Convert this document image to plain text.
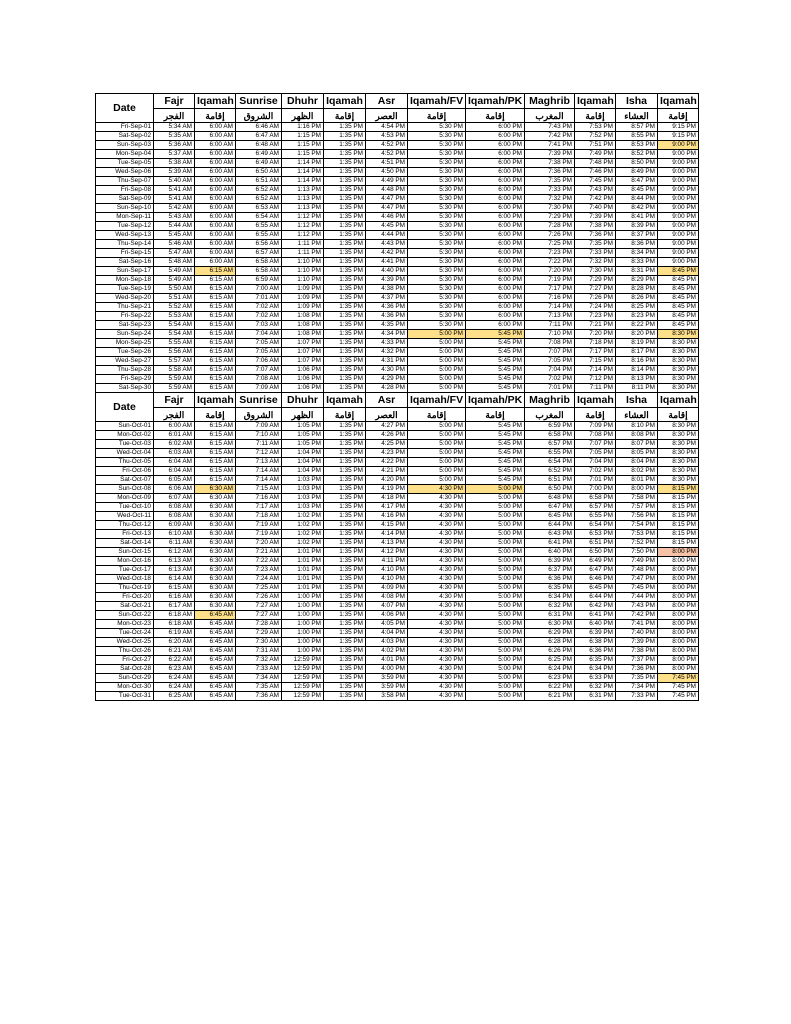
Date	Fajr	Iqamah	Sunrise	Dhuhr	Iqamah	Asr	Iqamah/FV	Iqamah/PK	Maghrib	Iqamah	Isha	Iqamah
	الفجر	إقامة	الشروق	الظهر	إقامة	العصر	إقامة	إقامة	المغرب	إقامة	العشاء	إقامة
Fri-Sep-01	5:34 AM	6:00 AM	6:46 AM	1:16 PM	1:35 PM	4:54 PM	5:30 PM	6:00 PM	7:43 PM	7:53 PM	8:57 PM	9:15 PM
Sat-Sep-02	5:35 AM	6:00 AM	6:47 AM	1:15 PM	1:35 PM	4:53 PM	5:30 PM	6:00 PM	7:42 PM	7:52 PM	8:55 PM	9:15 PM
Sun-Sep-03	5:36 AM	6:00 AM	6:48 AM	1:15 PM	1:35 PM	4:52 PM	5:30 PM	6:00 PM	7:41 PM	7:51 PM	8:53 PM	9:00 PM
Mon-Sep-04	5:37 AM	6:00 AM	6:49 AM	1:15 PM	1:35 PM	4:52 PM	5:30 PM	6:00 PM	7:39 PM	7:49 PM	8:52 PM	9:00 PM
Tue-Sep-05	5:38 AM	6:00 AM	6:49 AM	1:14 PM	1:35 PM	4:51 PM	5:30 PM	6:00 PM	7:38 PM	7:48 PM	8:50 PM	9:00 PM
Wed-Sep-06	5:39 AM	6:00 AM	6:50 AM	1:14 PM	1:35 PM	4:50 PM	5:30 PM	6:00 PM	7:36 PM	7:46 PM	8:49 PM	9:00 PM
Thu-Sep-07	5:40 AM	6:00 AM	6:51 AM	1:14 PM	1:35 PM	4:49 PM	5:30 PM	6:00 PM	7:35 PM	7:45 PM	8:47 PM	9:00 PM
Fri-Sep-08	5:41 AM	6:00 AM	6:52 AM	1:13 PM	1:35 PM	4:48 PM	5:30 PM	6:00 PM	7:33 PM	7:43 PM	8:45 PM	9:00 PM
Sat-Sep-09	5:41 AM	6:00 AM	6:52 AM	1:13 PM	1:35 PM	4:47 PM	5:30 PM	6:00 PM	7:32 PM	7:42 PM	8:44 PM	9:00 PM
Sun-Sep-10	5:42 AM	6:00 AM	6:53 AM	1:13 PM	1:35 PM	4:47 PM	5:30 PM	6:00 PM	7:30 PM	7:40 PM	8:42 PM	9:00 PM
Mon-Sep-11	5:43 AM	6:00 AM	6:54 AM	1:12 PM	1:35 PM	4:46 PM	5:30 PM	6:00 PM	7:29 PM	7:39 PM	8:41 PM	9:00 PM
Tue-Sep-12	5:44 AM	6:00 AM	6:55 AM	1:12 PM	1:35 PM	4:45 PM	5:30 PM	6:00 PM	7:28 PM	7:38 PM	8:39 PM	9:00 PM
Wed-Sep-13	5:45 AM	6:00 AM	6:55 AM	1:12 PM	1:35 PM	4:44 PM	5:30 PM	6:00 PM	7:26 PM	7:36 PM	8:37 PM	9:00 PM
Thu-Sep-14	5:46 AM	6:00 AM	6:56 AM	1:11 PM	1:35 PM	4:43 PM	5:30 PM	6:00 PM	7:25 PM	7:35 PM	8:36 PM	9:00 PM
Fri-Sep-15	5:47 AM	6:00 AM	6:57 AM	1:11 PM	1:35 PM	4:42 PM	5:30 PM	6:00 PM	7:23 PM	7:33 PM	8:34 PM	9:00 PM
Sat-Sep-16	5:48 AM	6:00 AM	6:58 AM	1:10 PM	1:35 PM	4:41 PM	5:30 PM	6:00 PM	7:22 PM	7:32 PM	8:33 PM	9:00 PM
Sun-Sep-17	5:49 AM	6:15 AM	6:58 AM	1:10 PM	1:35 PM	4:40 PM	5:30 PM	6:00 PM	7:20 PM	7:30 PM	8:31 PM	8:45 PM
Mon-Sep-18	5:49 AM	6:15 AM	6:59 AM	1:10 PM	1:35 PM	4:39 PM	5:30 PM	6:00 PM	7:19 PM	7:29 PM	8:29 PM	8:45 PM
Tue-Sep-19	5:50 AM	6:15 AM	7:00 AM	1:09 PM	1:35 PM	4:38 PM	5:30 PM	6:00 PM	7:17 PM	7:27 PM	8:28 PM	8:45 PM
Wed-Sep-20	5:51 AM	6:15 AM	7:01 AM	1:09 PM	1:35 PM	4:37 PM	5:30 PM	6:00 PM	7:16 PM	7:26 PM	8:26 PM	8:45 PM
Thu-Sep-21	5:52 AM	6:15 AM	7:02 AM	1:09 PM	1:35 PM	4:36 PM	5:30 PM	6:00 PM	7:14 PM	7:24 PM	8:25 PM	8:45 PM
Fri-Sep-22	5:53 AM	6:15 AM	7:02 AM	1:08 PM	1:35 PM	4:36 PM	5:30 PM	6:00 PM	7:13 PM	7:23 PM	8:23 PM	8:45 PM
Sat-Sep-23	5:54 AM	6:15 AM	7:03 AM	1:08 PM	1:35 PM	4:35 PM	5:30 PM	6:00 PM	7:11 PM	7:21 PM	8:22 PM	8:45 PM
Sun-Sep-24	5:54 AM	6:15 AM	7:04 AM	1:08 PM	1:35 PM	4:34 PM	5:00 PM	5:45 PM	7:10 PM	7:20 PM	8:20 PM	8:30 PM
Mon-Sep-25	5:55 AM	6:15 AM	7:05 AM	1:07 PM	1:35 PM	4:33 PM	5:00 PM	5:45 PM	7:08 PM	7:18 PM	8:19 PM	8:30 PM
Tue-Sep-26	5:56 AM	6:15 AM	7:05 AM	1:07 PM	1:35 PM	4:32 PM	5:00 PM	5:45 PM	7:07 PM	7:17 PM	8:17 PM	8:30 PM
Wed-Sep-27	5:57 AM	6:15 AM	7:06 AM	1:07 PM	1:35 PM	4:31 PM	5:00 PM	5:45 PM	7:05 PM	7:15 PM	8:16 PM	8:30 PM
Thu-Sep-28	5:58 AM	6:15 AM	7:07 AM	1:06 PM	1:35 PM	4:30 PM	5:00 PM	5:45 PM	7:04 PM	7:14 PM	8:14 PM	8:30 PM
Fri-Sep-29	5:59 AM	6:15 AM	7:08 AM	1:06 PM	1:35 PM	4:29 PM	5:00 PM	5:45 PM	7:02 PM	7:12 PM	8:13 PM	8:30 PM
Sat-Sep-30	5:59 AM	6:15 AM	7:09 AM	1:06 PM	1:35 PM	4:28 PM	5:00 PM	5:45 PM	7:01 PM	7:11 PM	8:11 PM	8:30 PM
Date	Fajr	Iqamah	Sunrise	Dhuhr	Iqamah	Asr	Iqamah/FV	Iqamah/PK	Maghrib	Iqamah	Isha	Iqamah
	الفجر	إقامة	الشروق	الظهر	إقامة	العصر	إقامة	إقامة	المغرب	إقامة	العشاء	إقامة
Sun-Oct-01	6:00 AM	6:15 AM	7:09 AM	1:05 PM	1:35 PM	4:27 PM	5:00 PM	5:45 PM	6:59 PM	7:09 PM	8:10 PM	8:30 PM
Mon-Oct-02	6:01 AM	6:15 AM	7:10 AM	1:05 PM	1:35 PM	4:26 PM	5:00 PM	5:45 PM	6:58 PM	7:08 PM	8:08 PM	8:30 PM
Tue-Oct-03	6:02 AM	6:15 AM	7:11 AM	1:05 PM	1:35 PM	4:25 PM	5:00 PM	5:45 PM	6:57 PM	7:07 PM	8:07 PM	8:30 PM
Wed-Oct-04	6:03 AM	6:15 AM	7:12 AM	1:04 PM	1:35 PM	4:23 PM	5:00 PM	5:45 PM	6:55 PM	7:05 PM	8:05 PM	8:30 PM
Thu-Oct-05	6:04 AM	6:15 AM	7:13 AM	1:04 PM	1:35 PM	4:22 PM	5:00 PM	5:45 PM	6:54 PM	7:04 PM	8:04 PM	8:30 PM
Fri-Oct-06	6:04 AM	6:15 AM	7:14 AM	1:04 PM	1:35 PM	4:21 PM	5:00 PM	5:45 PM	6:52 PM	7:02 PM	8:02 PM	8:30 PM
Sat-Oct-07	6:05 AM	6:15 AM	7:14 AM	1:03 PM	1:35 PM	4:20 PM	5:00 PM	5:45 PM	6:51 PM	7:01 PM	8:01 PM	8:30 PM
Sun-Oct-08	6:06 AM	6:30 AM	7:15 AM	1:03 PM	1:35 PM	4:19 PM	4:30 PM	5:00 PM	6:50 PM	7:00 PM	8:00 PM	8:15 PM
Mon-Oct-09	6:07 AM	6:30 AM	7:16 AM	1:03 PM	1:35 PM	4:18 PM	4:30 PM	5:00 PM	6:48 PM	6:58 PM	7:58 PM	8:15 PM
Tue-Oct-10	6:08 AM	6:30 AM	7:17 AM	1:03 PM	1:35 PM	4:17 PM	4:30 PM	5:00 PM	6:47 PM	6:57 PM	7:57 PM	8:15 PM
Wed-Oct-11	6:08 AM	6:30 AM	7:18 AM	1:02 PM	1:35 PM	4:16 PM	4:30 PM	5:00 PM	6:45 PM	6:55 PM	7:56 PM	8:15 PM
Thu-Oct-12	6:09 AM	6:30 AM	7:19 AM	1:02 PM	1:35 PM	4:15 PM	4:30 PM	5:00 PM	6:44 PM	6:54 PM	7:54 PM	8:15 PM
Fri-Oct-13	6:10 AM	6:30 AM	7:19 AM	1:02 PM	1:35 PM	4:14 PM	4:30 PM	5:00 PM	6:43 PM	6:53 PM	7:53 PM	8:15 PM
Sat-Oct-14	6:11 AM	6:30 AM	7:20 AM	1:02 PM	1:35 PM	4:13 PM	4:30 PM	5:00 PM	6:41 PM	6:51 PM	7:52 PM	8:15 PM
Sun-Oct-15	6:12 AM	6:30 AM	7:21 AM	1:01 PM	1:35 PM	4:12 PM	4:30 PM	5:00 PM	6:40 PM	6:50 PM	7:50 PM	8:00 PM
Mon-Oct-16	6:13 AM	6:30 AM	7:22 AM	1:01 PM	1:35 PM	4:11 PM	4:30 PM	5:00 PM	6:39 PM	6:49 PM	7:49 PM	8:00 PM
Tue-Oct-17	6:13 AM	6:30 AM	7:23 AM	1:01 PM	1:35 PM	4:10 PM	4:30 PM	5:00 PM	6:37 PM	6:47 PM	7:48 PM	8:00 PM
Wed-Oct-18	6:14 AM	6:30 AM	7:24 AM	1:01 PM	1:35 PM	4:10 PM	4:30 PM	5:00 PM	6:36 PM	6:46 PM	7:47 PM	8:00 PM
Thu-Oct-19	6:15 AM	6:30 AM	7:25 AM	1:01 PM	1:35 PM	4:09 PM	4:30 PM	5:00 PM	6:35 PM	6:45 PM	7:45 PM	8:00 PM
Fri-Oct-20	6:16 AM	6:30 AM	7:26 AM	1:00 PM	1:35 PM	4:08 PM	4:30 PM	5:00 PM	6:34 PM	6:44 PM	7:44 PM	8:00 PM
Sat-Oct-21	6:17 AM	6:30 AM	7:27 AM	1:00 PM	1:35 PM	4:07 PM	4:30 PM	5:00 PM	6:32 PM	6:42 PM	7:43 PM	8:00 PM
Sun-Oct-22	6:18 AM	6:45 AM	7:27 AM	1:00 PM	1:35 PM	4:06 PM	4:30 PM	5:00 PM	6:31 PM	6:41 PM	7:42 PM	8:00 PM
Mon-Oct-23	6:18 AM	6:45 AM	7:28 AM	1:00 PM	1:35 PM	4:05 PM	4:30 PM	5:00 PM	6:30 PM	6:40 PM	7:41 PM	8:00 PM
Tue-Oct-24	6:19 AM	6:45 AM	7:29 AM	1:00 PM	1:35 PM	4:04 PM	4:30 PM	5:00 PM	6:29 PM	6:39 PM	7:40 PM	8:00 PM
Wed-Oct-25	6:20 AM	6:45 AM	7:30 AM	1:00 PM	1:35 PM	4:03 PM	4:30 PM	5:00 PM	6:28 PM	6:38 PM	7:39 PM	8:00 PM
Thu-Oct-26	6:21 AM	6:45 AM	7:31 AM	1:00 PM	1:35 PM	4:02 PM	4:30 PM	5:00 PM	6:26 PM	6:36 PM	7:38 PM	8:00 PM
Fri-Oct-27	6:22 AM	6:45 AM	7:32 AM	12:59 PM	1:35 PM	4:01 PM	4:30 PM	5:00 PM	6:25 PM	6:35 PM	7:37 PM	8:00 PM
Sat-Oct-28	6:23 AM	6:45 AM	7:33 AM	12:59 PM	1:35 PM	4:00 PM	4:30 PM	5:00 PM	6:24 PM	6:34 PM	7:36 PM	8:00 PM
Sun-Oct-29	6:24 AM	6:45 AM	7:34 AM	12:59 PM	1:35 PM	3:59 PM	4:30 PM	5:00 PM	6:23 PM	6:33 PM	7:35 PM	7:45 PM
Mon-Oct-30	6:24 AM	6:45 AM	7:35 AM	12:59 PM	1:35 PM	3:59 PM	4:30 PM	5:00 PM	6:22 PM	6:32 PM	7:34 PM	7:45 PM
Tue-Oct-31	6:25 AM	6:45 AM	7:36 AM	12:59 PM	1:35 PM	3:58 PM	4:30 PM	5:00 PM	6:21 PM	6:31 PM	7:33 PM	7:45 PM
